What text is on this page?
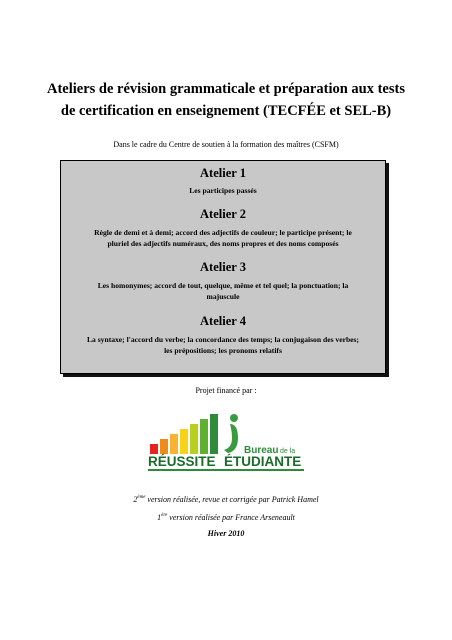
Ateliers de révision grammaticale et préparation aux tests
de certification en enseignement (TECFÉE et SEL-B)
Dans le cadre du Centre de soutien à la formation des maîtres (CSFM)
Atelier 1
Les participes passés
Atelier 2
Règle de demi et à demi; accord des adjectifs de couleur; le participe présent; le
pluriel des adjectifs numéraux, des noms propres et des noms composés
Atelier 3
Les homonymes; accord de tout, quelque, même et tel quel; la ponctuation; la
majuscule
Atelier 4
La syntaxe; l'accord du verbe; la concordance des temps; la conjugaison des verbes;
les prépositions; les pronoms relatifs
Projet financé par :
Bureau de la
RÉUSSITE ÉTUDIANTE
2ème version réalisée, revue et corrigée par Patrick Hamel
1ère version réalisée par France Arseneault
Hiver 2010
